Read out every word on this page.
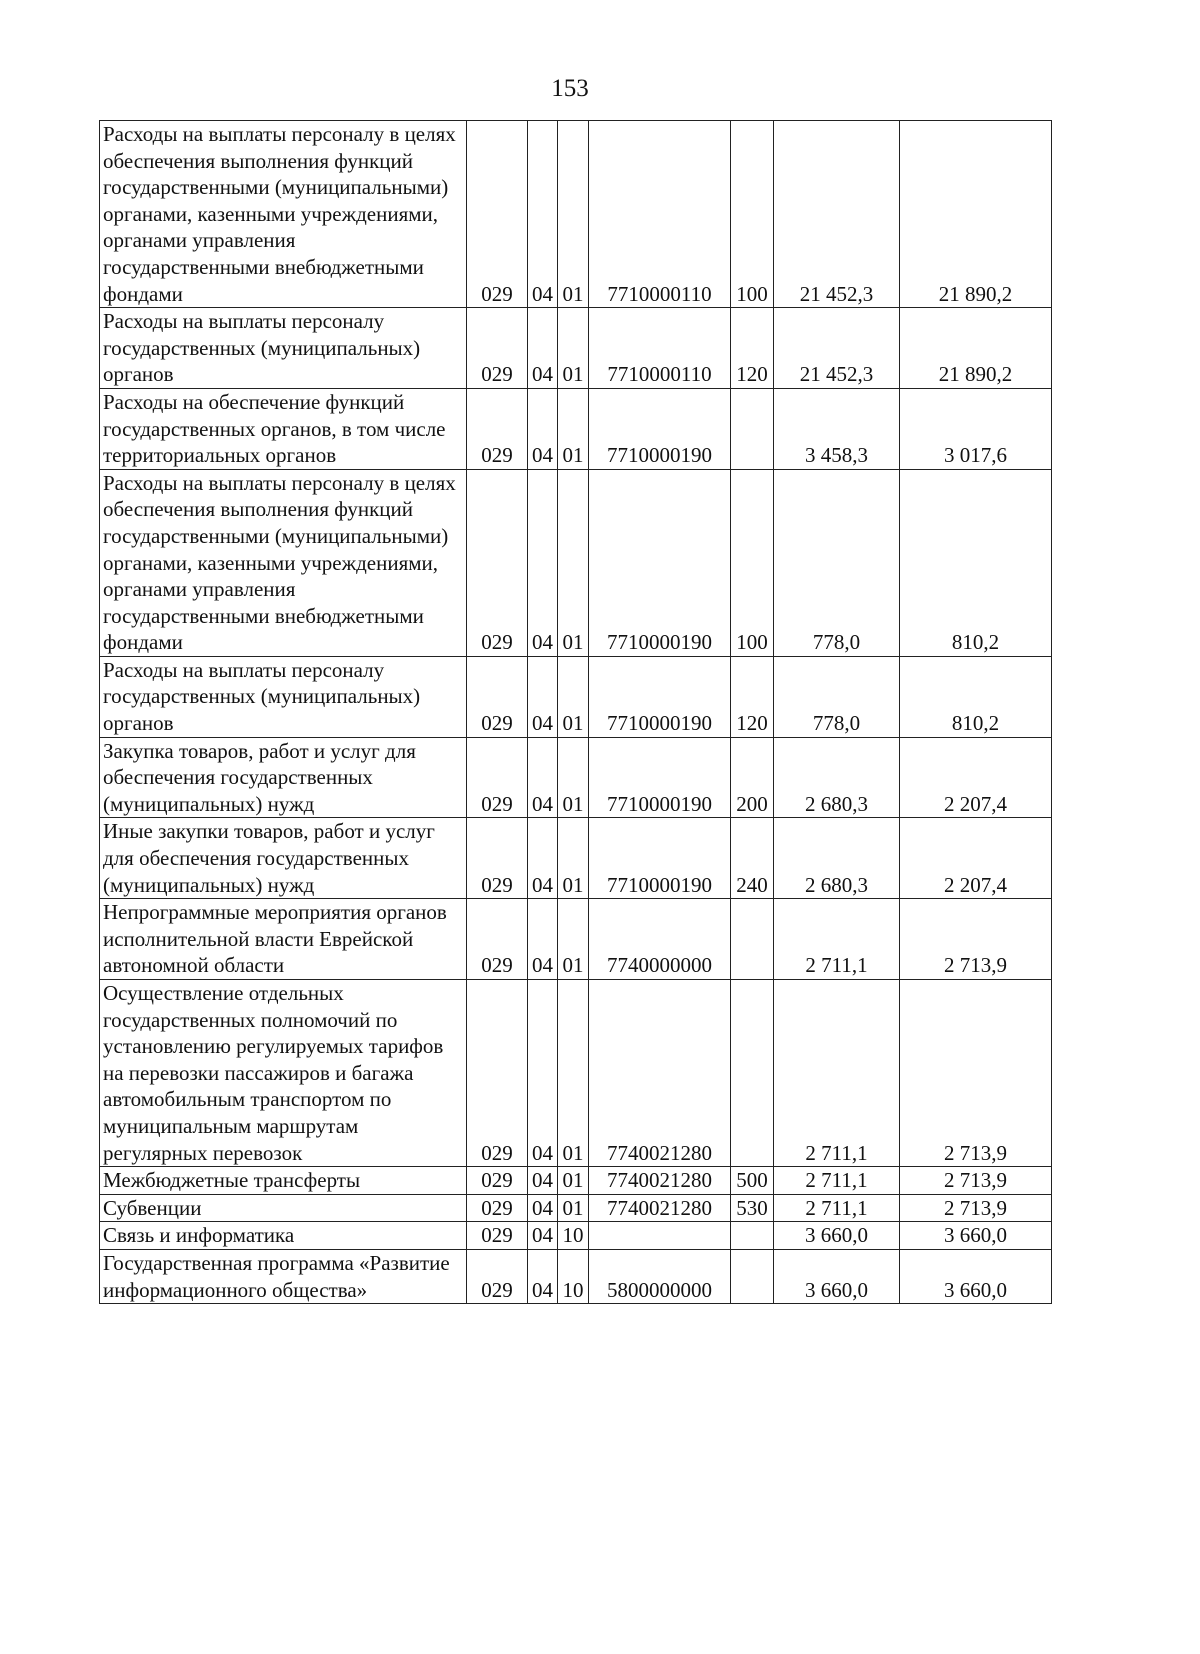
153
Расходы на выплаты персоналу в целях обеспечения выполнения функций государственными (муниципальными) органами, казенными учреждениями, органами управления государственными внебюджетными фондами	029	04	01	7710000110	100	21 452,3	21 890,2
Расходы на выплаты персоналу государственных (муниципальных) органов	029	04	01	7710000110	120	21 452,3	21 890,2
Расходы на обеспечение функций государственных органов, в том числе территориальных органов	029	04	01	7710000190		3 458,3	3 017,6
Расходы на выплаты персоналу в целях обеспечения выполнения функций государственными (муниципальными) органами, казенными учреждениями, органами управления государственными внебюджетными фондами	029	04	01	7710000190	100	778,0	810,2
Расходы на выплаты персоналу государственных (муниципальных) органов	029	04	01	7710000190	120	778,0	810,2
Закупка товаров, работ и услуг для обеспечения государственных (муниципальных) нужд	029	04	01	7710000190	200	2 680,3	2 207,4
Иные закупки товаров, работ и услуг для обеспечения государственных (муниципальных) нужд	029	04	01	7710000190	240	2 680,3	2 207,4
Непрограммные мероприятия органов исполнительной власти Еврейской автономной области	029	04	01	7740000000		2 711,1	2 713,9
Осуществление отдельных государственных полномочий по установлению регулируемых тарифов на перевозки пассажиров и багажа автомобильным транспортом по муниципальным маршрутам регулярных перевозок	029	04	01	7740021280		2 711,1	2 713,9
Межбюджетные трансферты	029	04	01	7740021280	500	2 711,1	2 713,9
Субвенции	029	04	01	7740021280	530	2 711,1	2 713,9
Связь и информатика	029	04	10			3 660,0	3 660,0
Государственная программа «Развитие информационного общества»	029	04	10	5800000000		3 660,0	3 660,0
